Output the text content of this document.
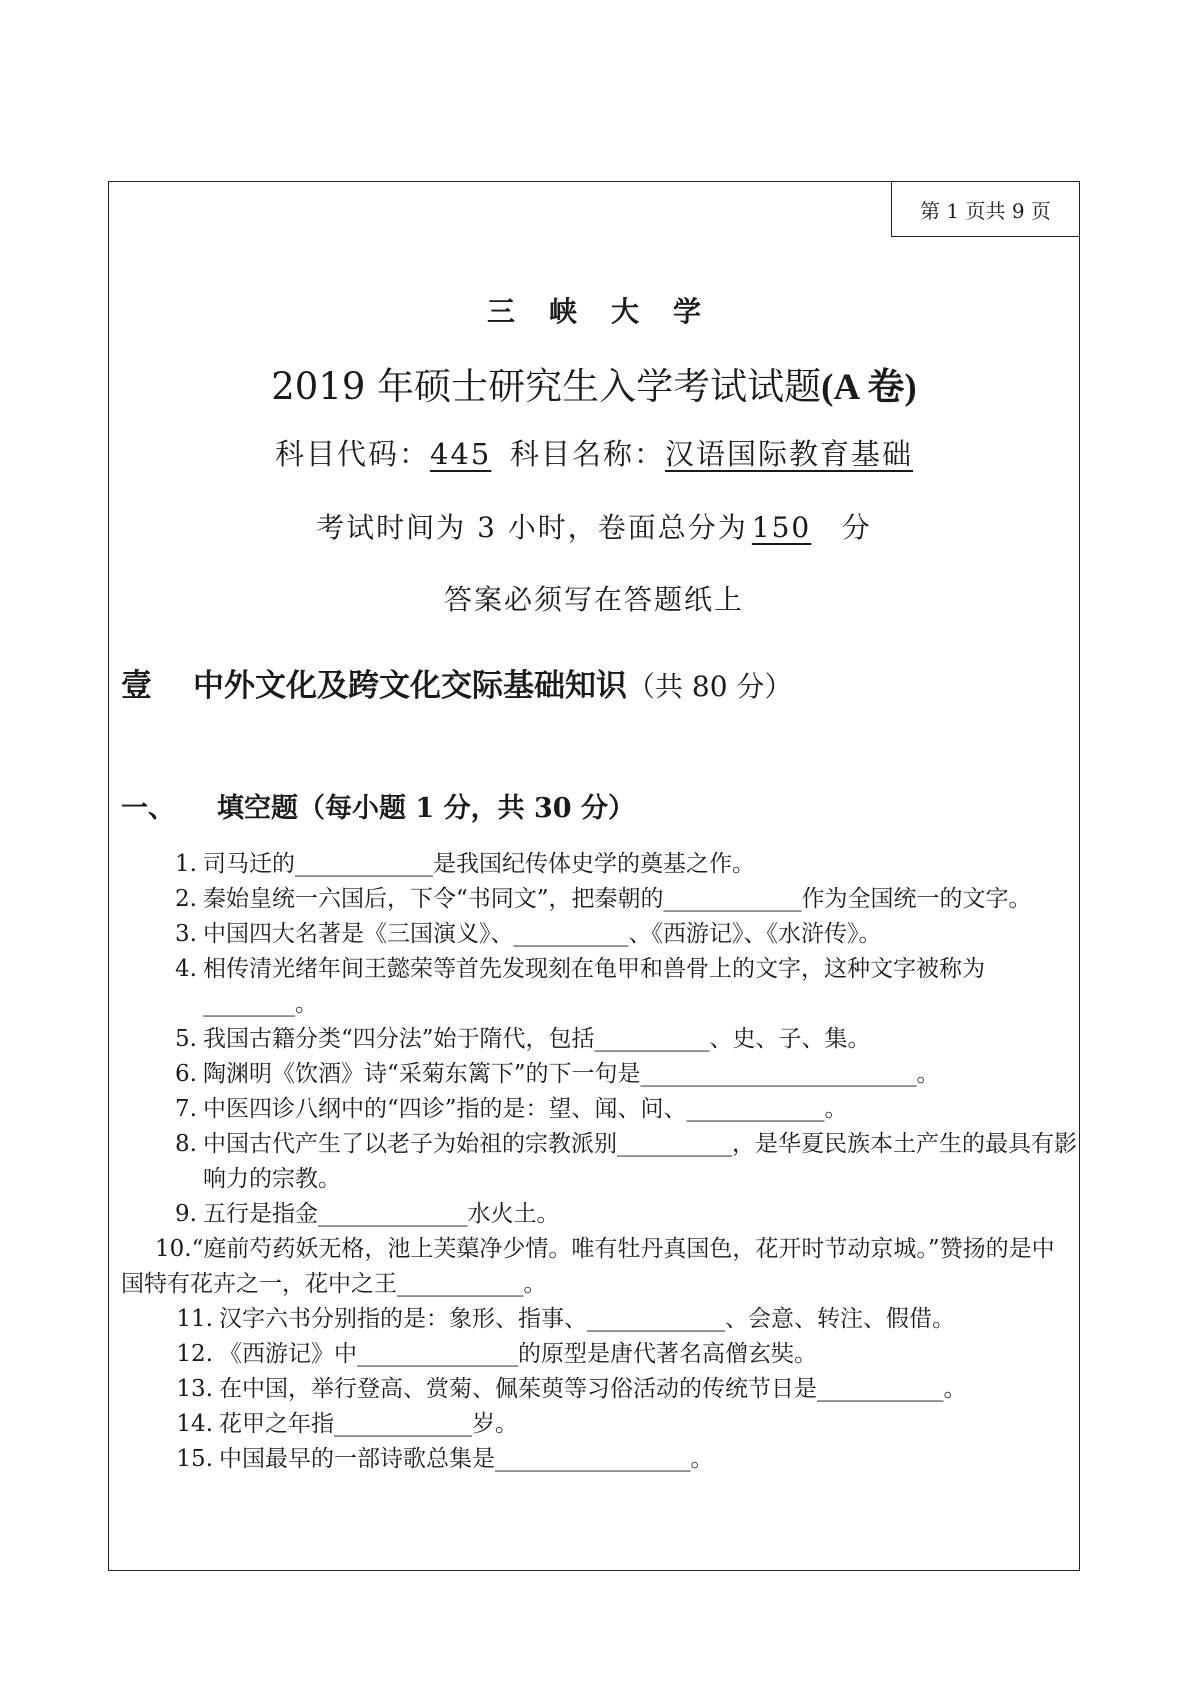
第 1 页共 9 页
三峡大学
2019 年硕士研究生入学考试试题(A 卷)
科目代码：445 科目名称：汉语国际教育基础
考试时间为 3 小时，卷面总分为 150 分
答案必须写在答题纸上
壹 中外文化及跨文化交际基础知识（共 80 分）
一、 填空题（每小题 1 分，共 30 分）
1. 司马迁的____________是我国纪传体史学的奠基之作。
2. 秦始皇统一六国后，下令“书同文”，把秦朝的____________作为全国统一的文字。
3. 中国四大名著是《三国演义》、__________、《西游记》、《水浒传》。
4. 相传清光绪年间王懿荣等首先发现刻在龟甲和兽骨上的文字，这种文字被称为________。
5. 我国古籍分类“四分法”始于隋代，包括__________、史、子、集。
6. 陶渊明《饮酒》诗“采菊东篱下”的下一句是________________________。
7. 中医四诊八纲中的“四诊”指的是：望、闻、问、____________。
8. 中国古代产生了以老子为始祖的宗教派别__________，是华夏民族本土产生的最具有影响力的宗教。
9. 五行是指金_____________水火土。
10.“庭前芍药妖无格，池上芙蕖净少情。唯有牡丹真国色，花开时节动京城。”赞扬的是中国特有花卉之一，花中之王___________。
11. 汉字六书分别指的是：象形、指事、____________、会意、转注、假借。
12. 《西游记》中______________的原型是唐代著名高僧玄奘。
13. 在中国，举行登高、赏菊、佩茱萸等习俗活动的传统节日是___________。
14. 花甲之年指____________岁。
15. 中国最早的一部诗歌总集是_________________。
